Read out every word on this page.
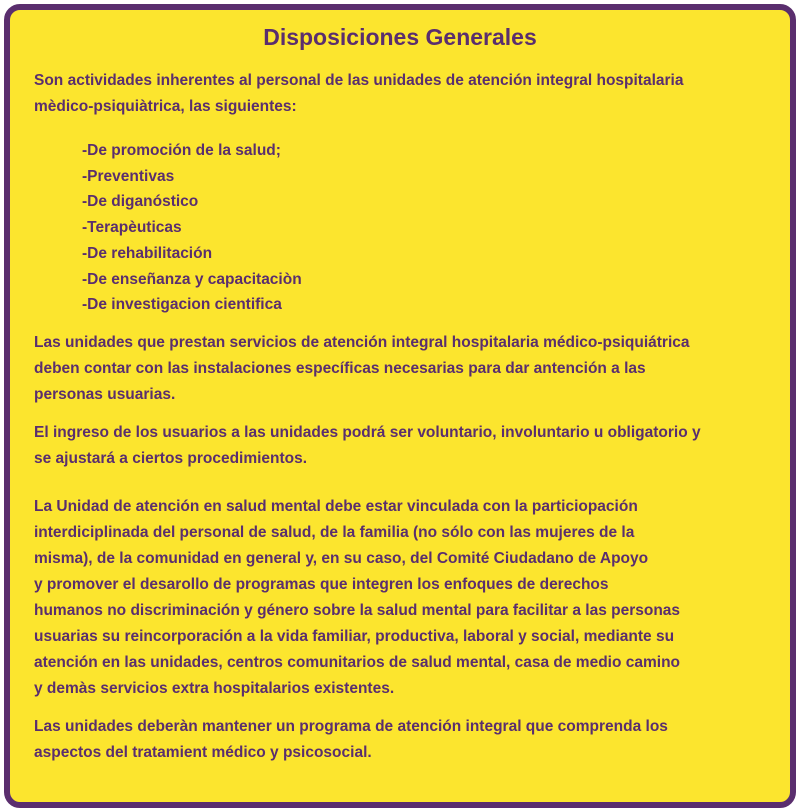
Disposiciones Generales

Son actividades inherentes al personal de las unidades de atención integral hospitalaria
mèdico-psiquiàtrica, las siguientes:

-De promoción de la salud;
-Preventivas
-De diganóstico
-Terapèuticas
-De rehabilitación
-De enseñanza y capacitaciòn
-De investigacion cientifica

Las unidades que prestan servicios de atención integral hospitalaria médico-psiquiátrica
deben contar con las instalaciones específicas necesarias para dar antención a las
personas usuarias.

El ingreso de los usuarios a las unidades podrá ser voluntario, involuntario u obligatorio y
se ajustará a ciertos procedimientos.

La Unidad de atención en salud mental debe estar vinculada con la particiopación
interdiciplinada del personal de salud, de la familia (no sólo con las mujeres de la
misma), de la comunidad en general y, en su caso, del Comité Ciudadano de Apoyo
y promover el desarollo de programas que integren los enfoques de derechos
humanos no discriminación y género sobre la salud mental para facilitar a las personas
usuarias su reincorporación a la vida familiar, productiva, laboral y social, mediante su
atención en las unidades, centros comunitarios de salud mental, casa de medio camino
y demàs servicios extra hospitalarios existentes.

Las unidades deberàn mantener un programa de atención integral que comprenda los
aspectos del tratamient médico y psicosocial.
